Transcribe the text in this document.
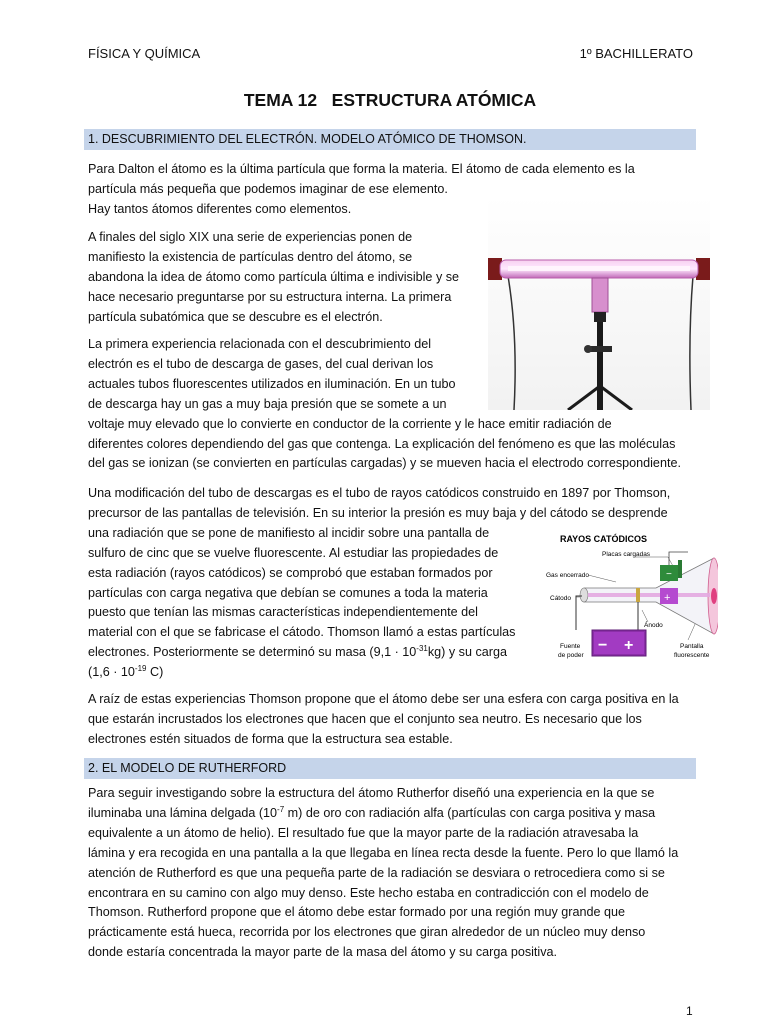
FÍSICA Y QUÍMICA	1º BACHILLERATO
TEMA 12   ESTRUCTURA ATÓMICA
1. DESCUBRIMIENTO DEL ELECTRÓN. MODELO ATÓMICO DE THOMSON.
Para Dalton el átomo es la última partícula que forma la materia. El átomo de cada elemento es la
partícula más pequeña que podemos imaginar de ese elemento.
Hay tantos átomos diferentes como elementos.
A finales del siglo XIX una serie de experiencias ponen de
manifiesto la existencia de partículas dentro del átomo, se
abandona la idea de átomo como partícula última e indivisible y se
hace necesario preguntarse por su estructura interna. La primera
partícula subatómica que se descubre es el electrón.
La primera experiencia relacionada con el descubrimiento del
electrón es el tubo de descarga de gases, del cual derivan los
actuales tubos fluorescentes utilizados en iluminación. En un tubo
de descarga hay un gas a muy baja presión que se somete a un
voltaje muy elevado que lo convierte en conductor de la corriente y le hace emitir radiación de
diferentes colores dependiendo del gas que contenga. La explicación del fenómeno es que las moléculas
del gas se ionizan (se convierten en partículas cargadas) y se mueven hacia el electrodo correspondiente.
Una modificación del tubo de descargas es el tubo de rayos catódicos construido en 1897 por Thomson,
precursor de las pantallas de televisión. En su interior la presión es muy baja y del cátodo se desprende
una radiación que se pone de manifiesto al incidir sobre una pantalla de
sulfuro de cinc que se vuelve fluorescente. Al estudiar las propiedades de
esta radiación (rayos catódicos) se comprobó que estaban formados por
partículas con carga negativa que debían se comunes a toda la materia
puesto que tenían las mismas características independientemente del
material con el que se fabricase el cátodo. Thomson llamó a estas partículas
electrones. Posteriormente se determinó su masa $(9,1 \cdot 10^{-31}kg)$ y su carga
($1,6 \cdot 10^{-19}$ C)
A raíz de estas experiencias Thomson propone que el átomo debe ser una esfera con carga positiva en la
que estarán incrustados los electrones que hacen que el conjunto sea neutro. Es necesario que los
electrones estén situados de forma que la estructura sea estable.
2. EL MODELO DE RUTHERFORD
Para seguir investigando sobre la estructura del átomo Rutherfor diseñó una experiencia en la que se
iluminaba una lámina delgada ($10^{-7}$ m) de oro con radiación alfa (partículas con carga positiva y masa
equivalente a un átomo de helio). El resultado fue que la mayor parte de la radiación atravesaba la
lámina y era recogida en una pantalla a la que llegaba en línea recta desde la fuente. Pero lo que llamó la
atención de Rutherford es que una pequeña parte de la radiación se desviara o retrocediera como si se
encontrara en su camino con algo muy denso. Este hecho estaba en contradicción con el modelo de
Thomson. Rutherford propone que el átomo debe estar formado por una región muy grande que
prácticamente está hueca, recorrida por los electrones que giran alrededor de un núcleo muy denso
donde estaría concentrada la mayor parte de la masa del átomo y su carga positiva.
RAYOS CATÓDICOS
Placas cargadas
Gas encerrado
Cátodo
Ánodo
Fuente
de poder
Pantalla
fluorescente
−
+
− +
1
